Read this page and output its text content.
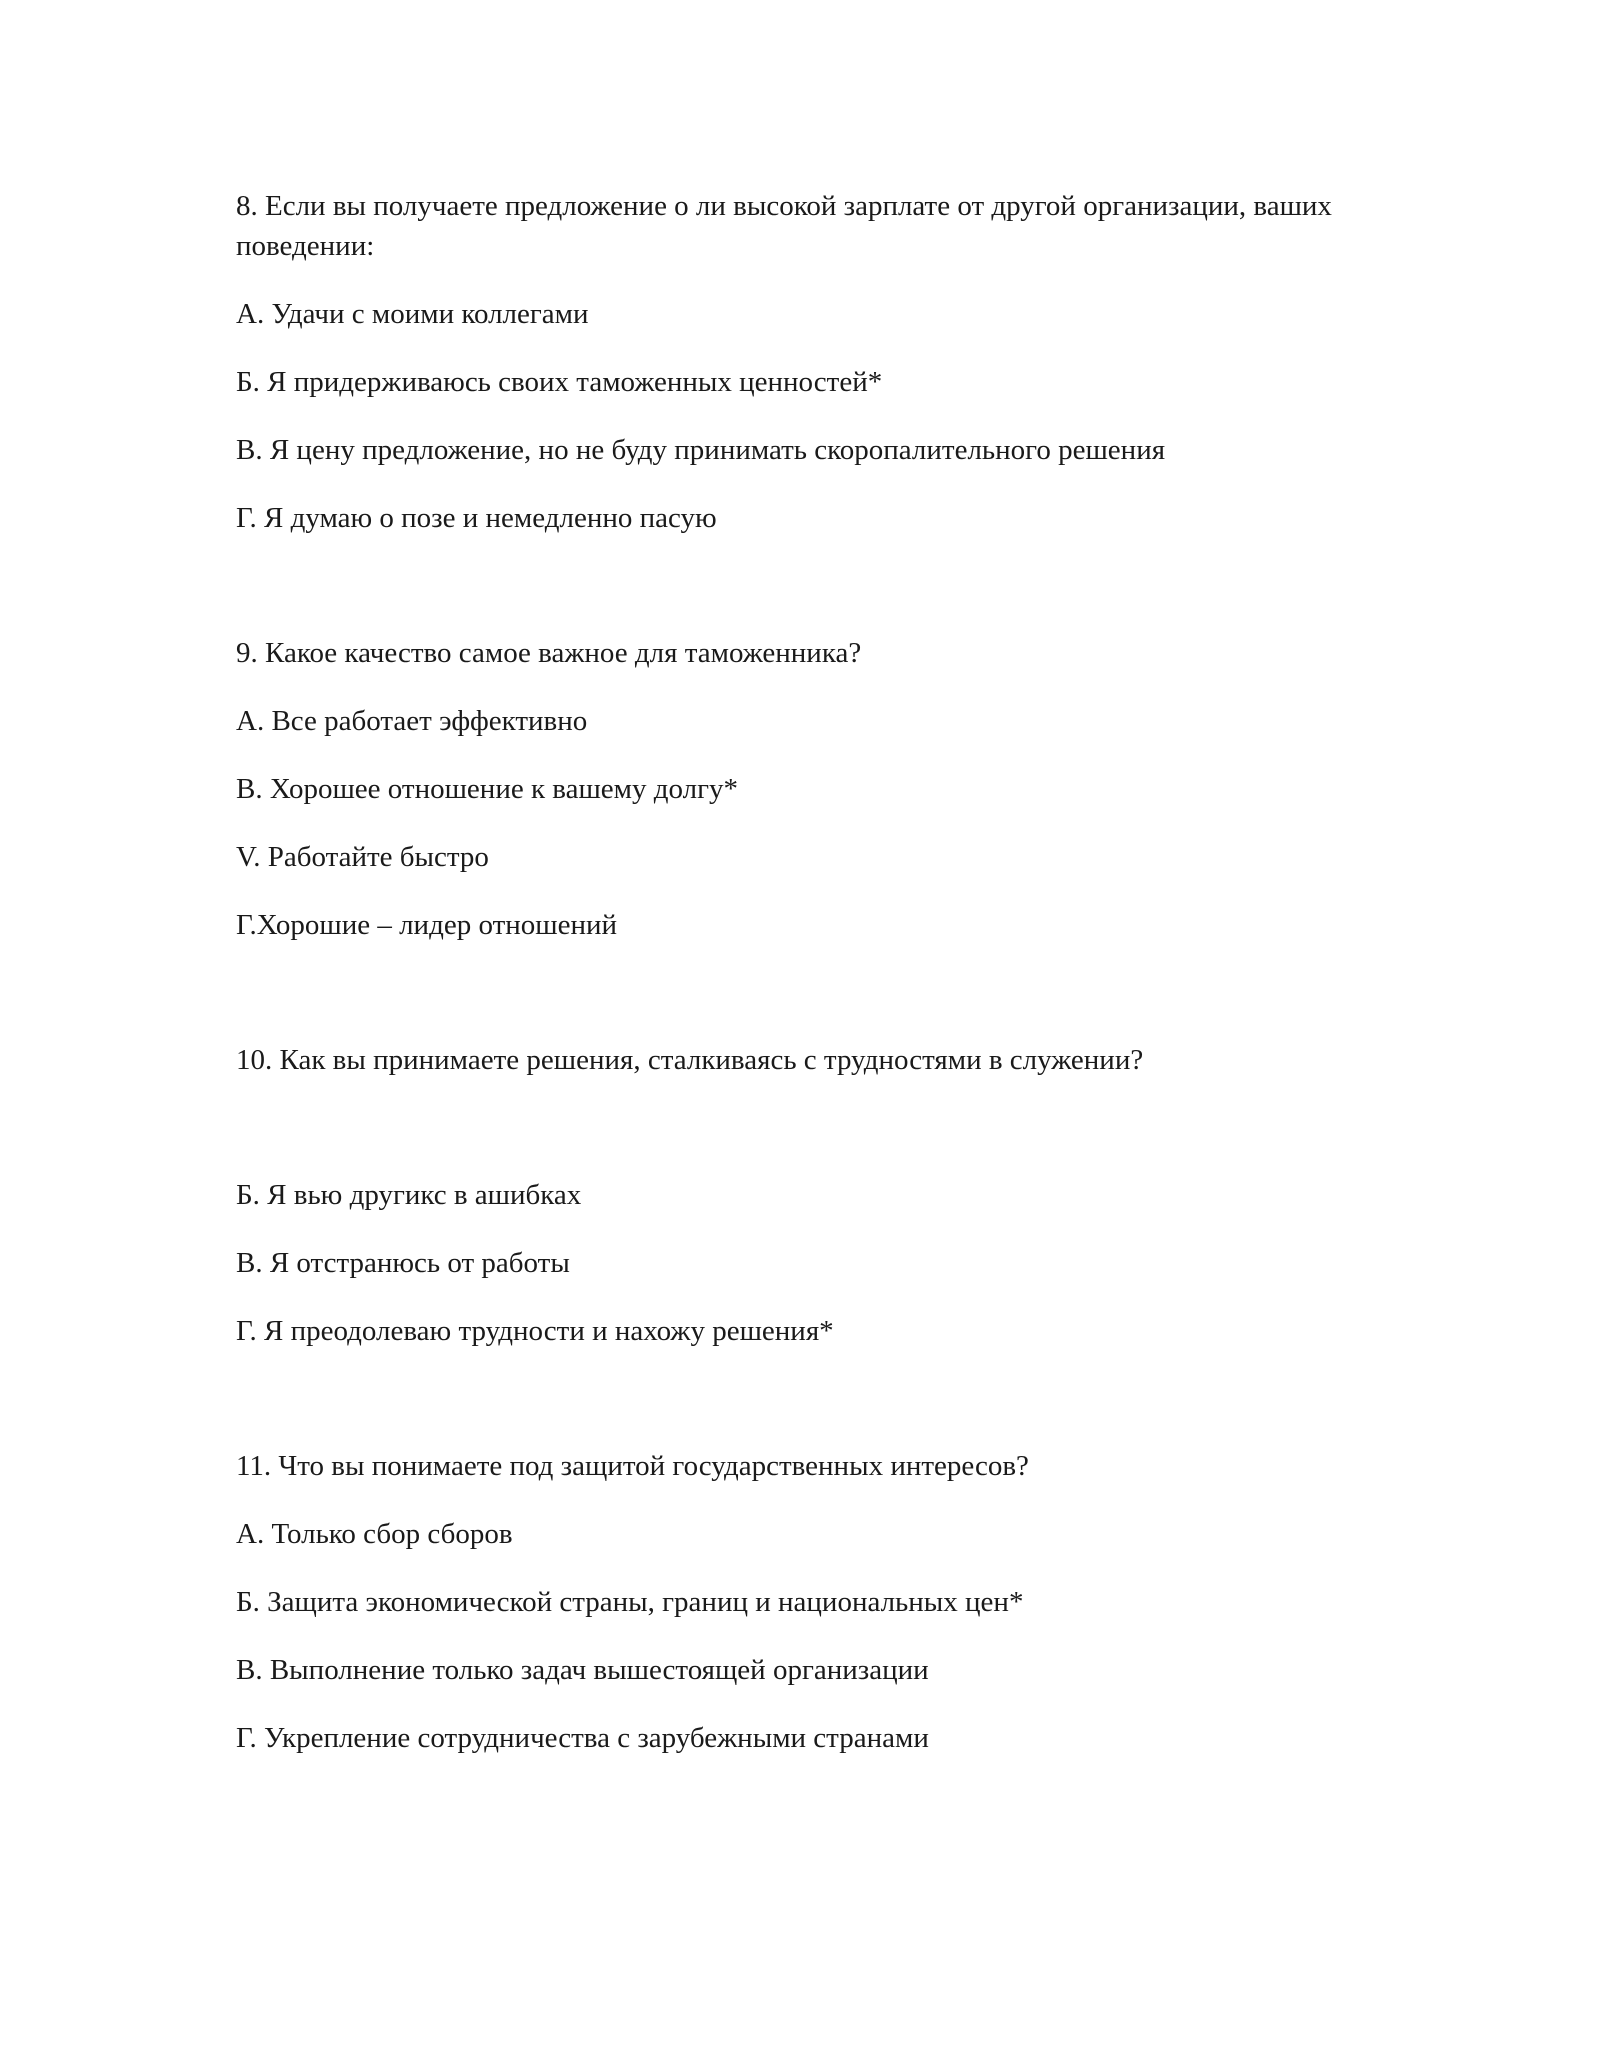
8. Если вы получаете предложение о ли высокой зарплате от другой организации, ваших поведении:
А. Удачи с моими коллегами
Б. Я придерживаюсь своих таможенных ценностей*
В. Я цену предложение, но не буду принимать скоропалительного решения
Г. Я думаю о позе и немедленно пасую
9. Какое качество самое важное для таможенника?
А. Все работает эффективно
В. Хорошее отношение к вашему долгу*
V. Работайте быстро
Г.Хорошие – лидер отношений
10. Как вы принимаете решения, сталкиваясь с трудностями в служении?
Б. Я вью другикс в ашибках
В. Я отстранюсь от работы
Г. Я преодолеваю трудности и нахожу решения*
11. Что вы понимаете под защитой государственных интересов?
А. Только сбор сборов
Б. Защита экономической страны, границ и национальных цен*
В. Выполнение только задач вышестоящей организации
Г. Укрепление сотрудничества с зарубежными странами
